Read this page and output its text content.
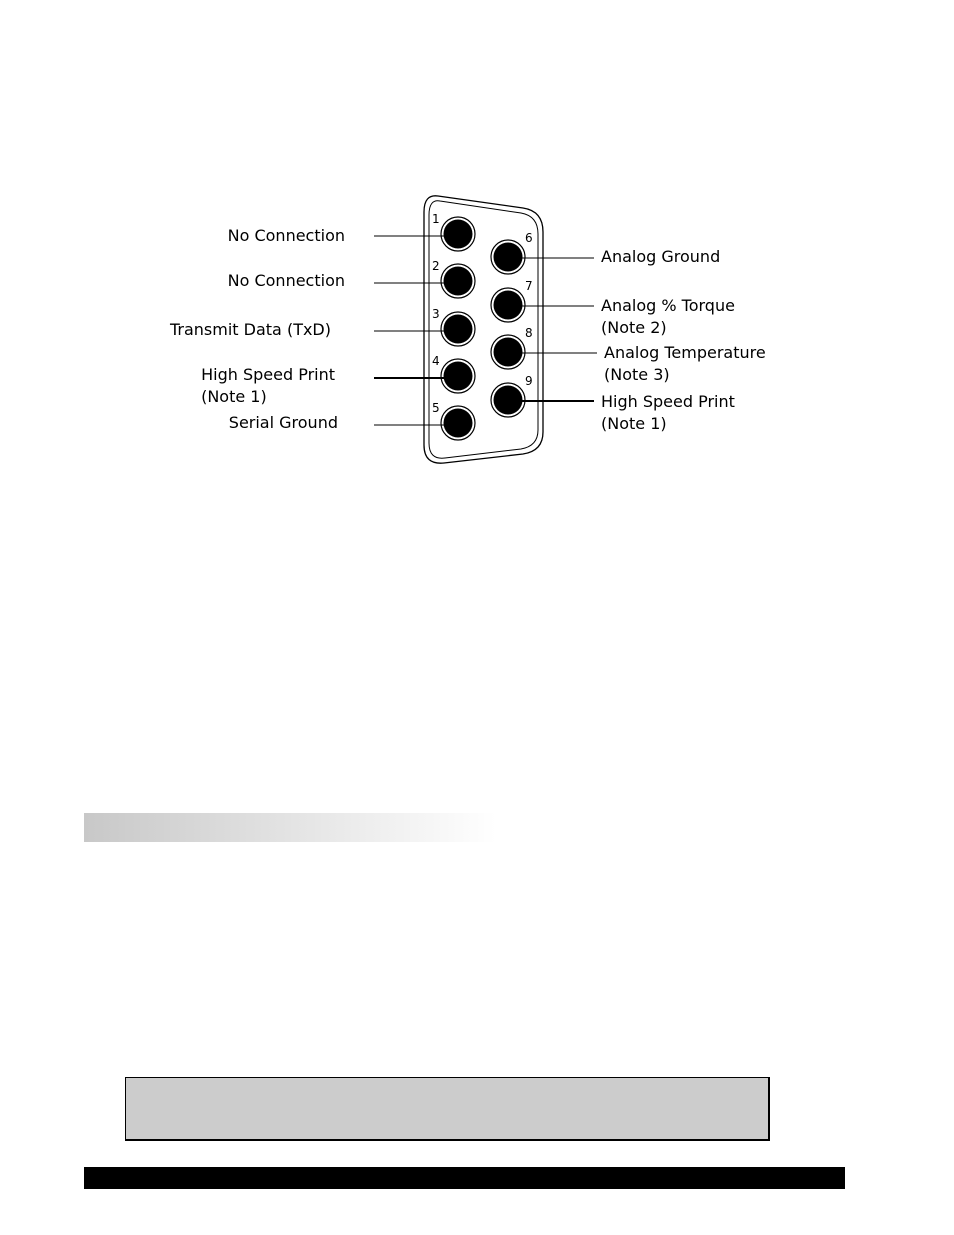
1
2
3
4
5
6
7
8
9
No Connection
No Connection
Transmit Data (TxD)
High Speed Print
(Note 1)
Serial Ground
Analog Ground
Analog % Torque
(Note 2)
Analog Temperature
(Note 3)
High Speed Print
(Note 1)
